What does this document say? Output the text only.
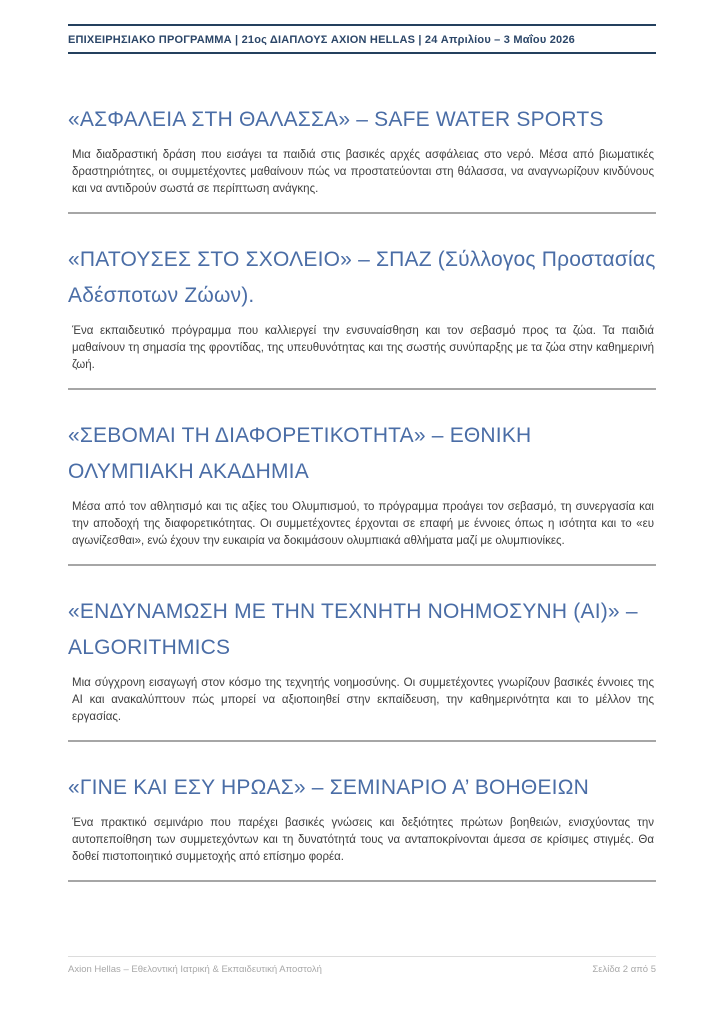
ΕΠΙΧΕΙΡΗΣΙΑΚΟ ΠΡΟΓΡΑΜΜΑ | 21ος ΔΙΑΠΛΟΥΣ AXION HELLAS | 24 Απριλίου – 3 Μαΐου 2026
«ΑΣΦΑΛΕΙΑ ΣΤΗ ΘΑΛΑΣΣΑ» – SAFE WATER SPORTS

Μια διαδραστική δράση που εισάγει τα παιδιά στις βασικές αρχές ασφάλειας στο νερό. Μέσα από βιωματικές δραστηριότητες, οι συμμετέχοντες μαθαίνουν πώς να προστατεύονται στη θάλασσα, να αναγνωρίζουν κινδύνους και να αντιδρούν σωστά σε περίπτωση ανάγκης.

«ΠΑΤΟΥΣΕΣ ΣΤΟ ΣΧΟΛΕΙΟ» – ΣΠΑΖ (Σύλλογος Προστασίας Αδέσποτων Ζώων).

Ένα εκπαιδευτικό πρόγραμμα που καλλιεργεί την ενσυναίσθηση και τον σεβασμό προς τα ζώα. Τα παιδιά μαθαίνουν τη σημασία της φροντίδας, της υπευθυνότητας και της σωστής συνύπαρξης με τα ζώα στην καθημερινή ζωή.

«ΣΕΒΟΜΑΙ ΤΗ ΔΙΑΦΟΡΕΤΙΚΟΤΗΤΑ» – ΕΘΝΙΚΗ ΟΛΥΜΠΙΑΚΗ ΑΚΑΔΗΜΙΑ

Μέσα από τον αθλητισμό και τις αξίες του Ολυμπισμού, το πρόγραμμα προάγει τον σεβασμό, τη συνεργασία και την αποδοχή της διαφορετικότητας. Οι συμμετέχοντες έρχονται σε επαφή με έννοιες όπως η ισότητα και το «ευ αγωνίζεσθαι», ενώ έχουν την ευκαιρία να δοκιμάσουν ολυμπιακά αθλήματα μαζί με ολυμπιονίκες.

«ΕΝΔΥΝΑΜΩΣΗ ΜΕ ΤΗΝ ΤΕΧΝΗΤΗ ΝΟΗΜΟΣΥΝΗ (AI)» – ALGORITHMICS

Μια σύγχρονη εισαγωγή στον κόσμο της τεχνητής νοημοσύνης. Οι συμμετέχοντες γνωρίζουν βασικές έννοιες της AI και ανακαλύπτουν πώς μπορεί να αξιοποιηθεί στην εκπαίδευση, την καθημερινότητα και το μέλλον της εργασίας.

«ΓΙΝΕ ΚΑΙ ΕΣΥ ΗΡΩΑΣ» – ΣΕΜΙΝΑΡΙΟ Α’ ΒΟΗΘΕΙΩΝ

Ένα πρακτικό σεμινάριο που παρέχει βασικές γνώσεις και δεξιότητες πρώτων βοηθειών, ενισχύοντας την αυτοπεποίθηση των συμμετεχόντων και τη δυνατότητά τους να ανταποκρίνονται άμεσα σε κρίσιμες στιγμές. Θα δοθεί πιστοποιητικό συμμετοχής από επίσημο φορέα.

Axion Hellas – Εθελοντική Ιατρική & Εκπαιδευτική Αποστολή	Σελίδα 2 από 5
